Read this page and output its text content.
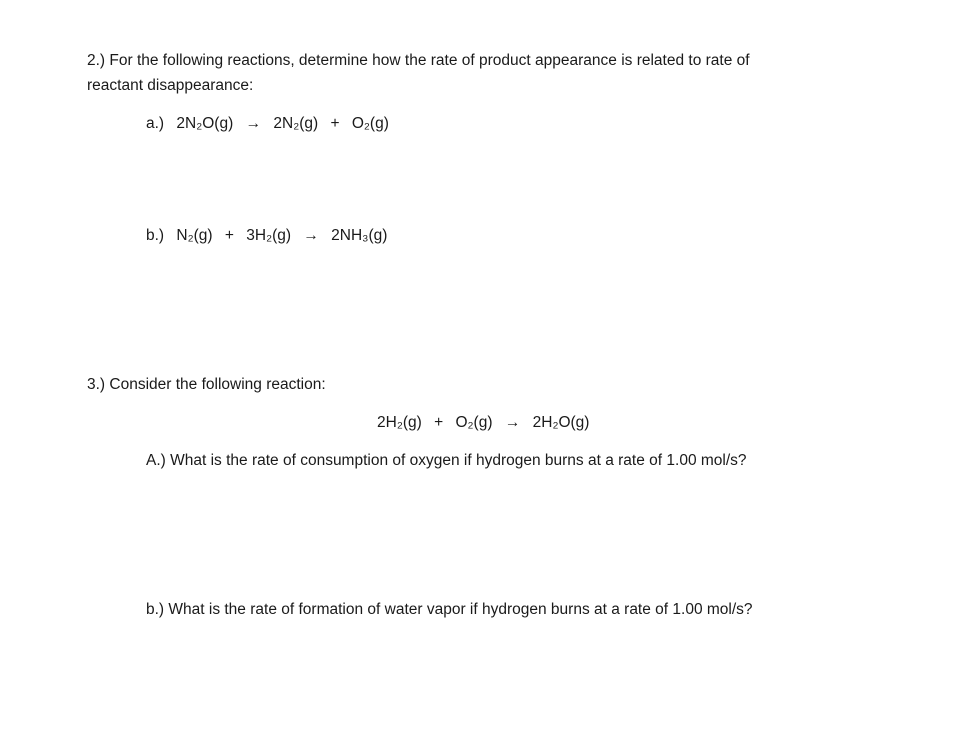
2.) For the following reactions, determine how the rate of product appearance is related to rate of
reactant disappearance:
a.) 2N₂O(g) → 2N₂(g) + O₂(g)
b.) N₂(g) + 3H₂(g) → 2NH₃(g)
3.) Consider the following reaction:
2H₂(g) + O₂(g) → 2H₂O(g)
A.) What is the rate of consumption of oxygen if hydrogen burns at a rate of 1.00 mol/s?
b.) What is the rate of formation of water vapor if hydrogen burns at a rate of 1.00 mol/s?
